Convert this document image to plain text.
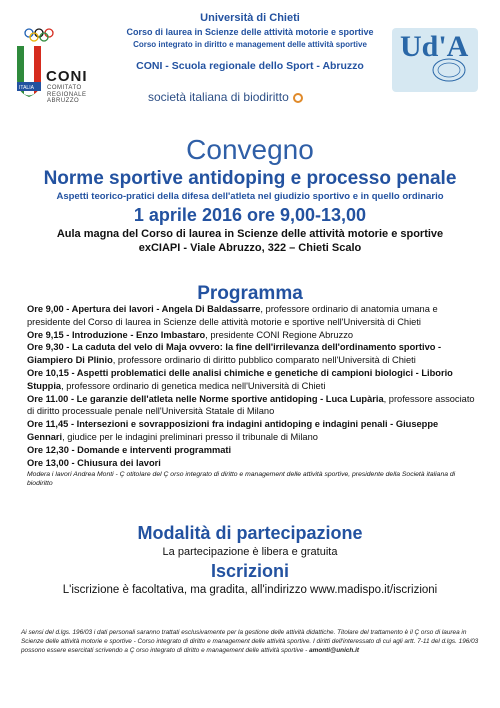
ITALIA
CONI
COMITATO
REGIONALE ABRUZZO
Ud'A
Università di Chieti
Corso di laurea in Scienze delle attività motorie e sportive
Corso integrato in diritto e management delle attività sportive
CONI - Scuola regionale dello Sport - Abruzzo
società italiana di biodiritto
Convegno
Norme sportive antidoping e processo penale
Aspetti teorico-pratici della difesa dell'atleta nel giudizio sportivo e in quello ordinario
1 aprile 2016 ore 9,00-13,00
Aula magna del Corso di laurea in Scienze delle attività motorie e sportive
exCIAPI - Viale Abruzzo, 322 – Chieti Scalo
Programma

Ore 9,00 - Apertura dei lavori - Angela Di Baldassarre, professore ordinario di anatomia umana e presidente del Corso di laurea in Scienze delle attività motorie e sportive nell'Università di Chieti

Ore 9,15 - Introduzione - Enzo Imbastaro, presidente CONI Regione Abruzzo

Ore 9,30 - La caduta del velo di Maja ovvero: la fine dell'irrilevanza dell'ordinamento sportivo - Giampiero Di Plinio, professore ordinario di diritto pubblico comparato nell'Università di Chieti

Ore 10,15 - Aspetti problematici delle analisi chimiche e genetiche di campioni biologici - Liborio Stuppia, professore ordinario di genetica medica nell'Università di Chieti

Ore 11.00 - Le garanzie dell'atleta nelle Norme sportive antidoping - Luca Lupària, professore associato di diritto processuale penale nell'Università Statale di Milano

Ore 11,45 - Intersezioni e sovrapposizioni fra indagini antidoping e indagini penali - Giuseppe Gennari, giudice per le indagini preliminari presso il tribunale di Milano

Ore 12,30 - Domande e interventi programmati

Ore 13,00 - Chiusura dei lavori

Modera i lavori Andrea Monti - Ç otitolare del Ç orso integrato di diritto e management delle attività sportive, presidente della Società italiana di biodiritto

Modalità di partecipazione
La partecipazione è libera e gratuita
Iscrizioni
L'iscrizione è facoltativa, ma gradita, all'indirizzo www.madispo.it/iscrizioni
Ai sensi del d.lgs. 196/03 i dati personali saranno trattati esclusivamente per la gestione delle attività didattiche. Titolare del trattamento è il Ç orso di laurea in Scienze delle attività motorie e sportive - Corso integrato di diritto e management delle attività sportive. I diritti dell'interessato di cui agli artt. 7-11 del d.lgs. 196/03 possono essere esercitati scrivendo a Ç orso integrato di diritto e management delle attività sportive - amonti@unich.it
